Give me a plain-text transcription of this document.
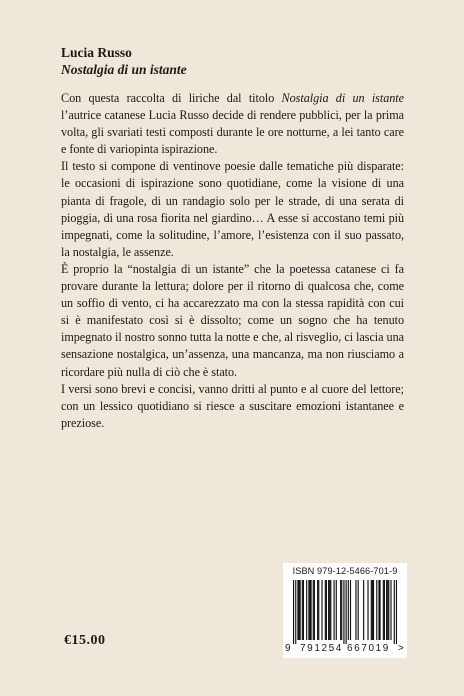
Lucia Russo
Nostalgia di un istante

Con questa raccolta di liriche dal titolo Nostalgia di un istante l’autrice catanese Lucia Russo decide di rendere pubblici, per la prima volta, gli svariati testi composti durante le ore notturne, a lei tanto care e fonte di variopinta ispirazione.

Il testo si compone di ventinove poesie dalle tematiche più disparate: le occasioni di ispirazione sono quotidiane, come la visione di una pianta di fragole, di un randagio solo per le strade, di una serata di pioggia, di una rosa fiorita nel giardino… A esse si accostano temi più impegnati, come la solitudine, l’amore, l’esistenza con il suo passato, la nostalgia, le assenze.

È proprio la “nostalgia di un istante” che la poetessa catanese ci fa provare durante la lettura; dolore per il ritorno di qualcosa che, come un soffio di vento, ci ha accarezzato ma con la stessa rapidità con cui si è manifestato così si è dissolto; come un sogno che ha tenuto impegnato il nostro sonno tutta la notte e che, al risveglio, ci lascia una sensazione nostalgica, un’assenza, una mancanza, ma non riusciamo a ricordare più nulla di ciò che è stato.

I versi sono brevi e concisi, vanno dritti al punto e al cuore del lettore; con un lessico quotidiano si riesce a suscitare emozioni istantanee e preziose.

ISBN 979-12-5466-701-9
9 791254 667019 >
€15.00
